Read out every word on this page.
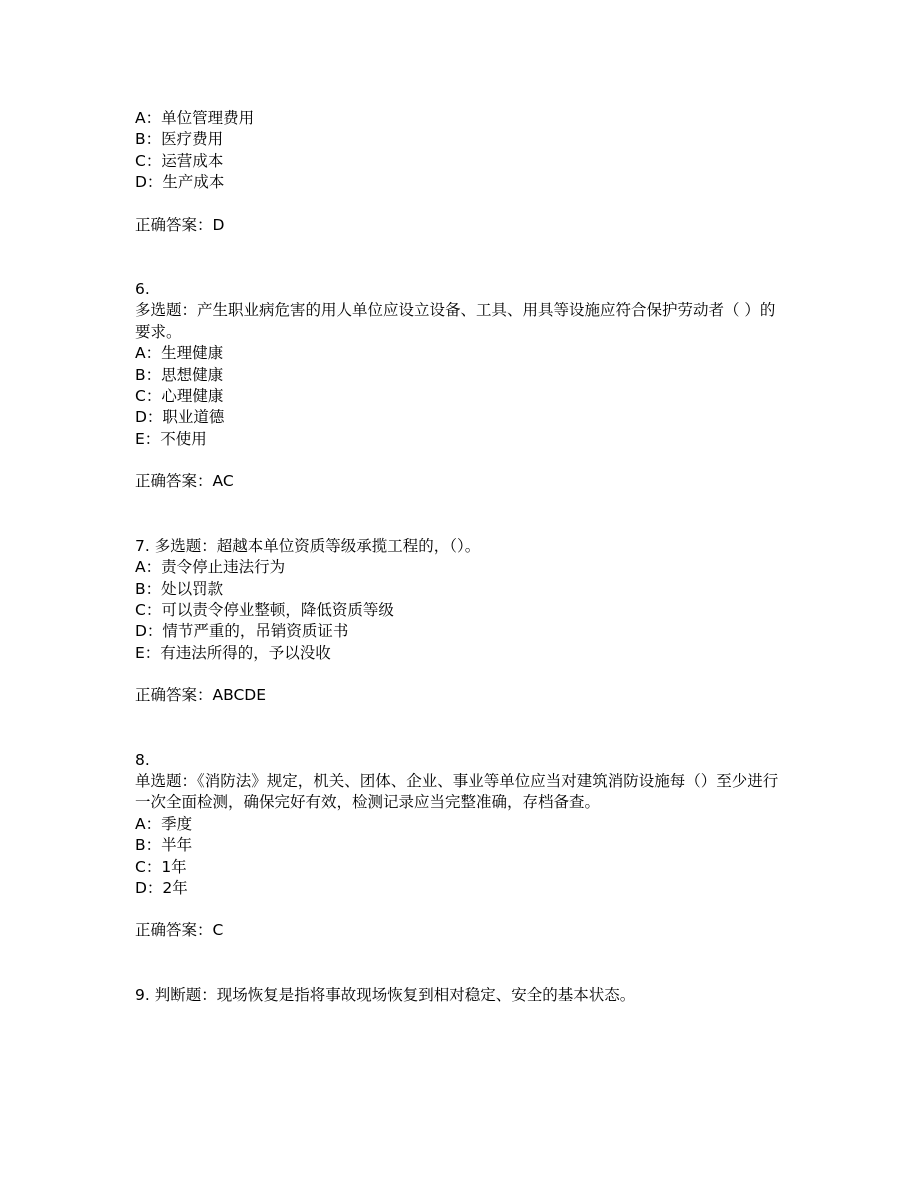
A：单位管理费用

B：医疗费用

C：运营成本

D：生产成本

正确答案：D

6.

多选题：产生职业病危害的用人单位应设立设备、工具、用具等设施应符合保护劳动者（ ）的要求。

A：生理健康

B：思想健康

C：心理健康

D：职业道德

E：不使用

正确答案：AC

7. 多选题：超越本单位资质等级承揽工程的，（）。

A：责令停止违法行为

B：处以罚款

C：可以责令停业整顿，降低资质等级

D：情节严重的，吊销资质证书

E：有违法所得的，予以没收

正确答案：ABCDE

8.

单选题：《消防法》规定，机关、团体、企业、事业等单位应当对建筑消防设施每（）至少进行一次全面检测，确保完好有效，检测记录应当完整准确，存档备查。

A：季度

B：半年

C：1年

D：2年

正确答案：C

9. 判断题：现场恢复是指将事故现场恢复到相对稳定、安全的基本状态。
